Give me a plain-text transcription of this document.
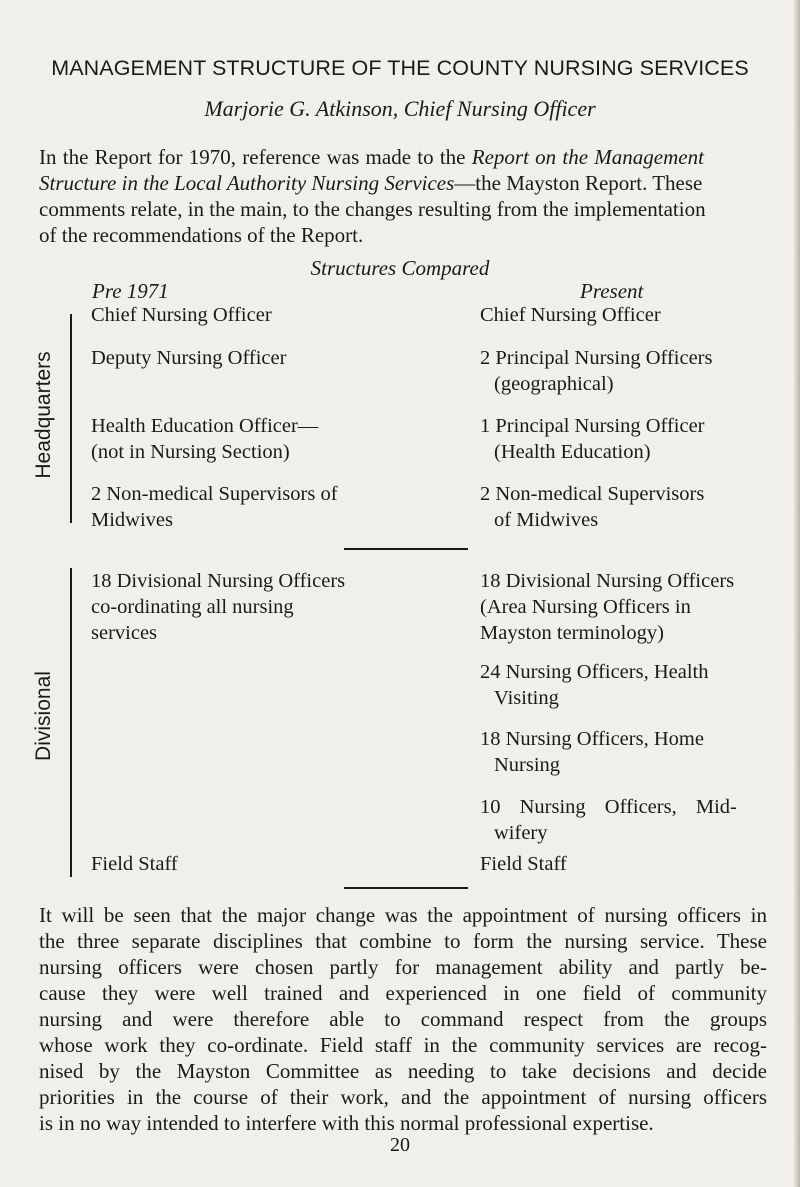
MANAGEMENT STRUCTURE OF THE COUNTY NURSING SERVICES
Marjorie G. Atkinson, Chief Nursing Officer
In the Report for 1970, reference was made to the Report on the Management
Structure in the Local Authority Nursing Services—the Mayston Report. These
comments relate, in the main, to the changes resulting from the implementation
of the recommendations of the Report.
Structures Compared
Pre 1971	Present
Headquarters
Divisional
Chief Nursing Officer
Deputy Nursing Officer
Health Education Officer—
(not in Nursing Section)
2 Non-medical Supervisors of
Midwives
18 Divisional Nursing Officers
co-ordinating all nursing
services
Field Staff
Chief Nursing Officer
2 Principal Nursing Officers
(geographical)
1 Principal Nursing Officer
(Health Education)
2 Non-medical Supervisors
of Midwives
18 Divisional Nursing Officers
(Area Nursing Officers in
Mayston terminology)
24 Nursing Officers, Health
Visiting
18 Nursing Officers, Home
Nursing
10 Nursing Officers, Mid-
wifery
Field Staff
It will be seen that the major change was the appointment of nursing officers in
the three separate disciplines that combine to form the nursing service. These
nursing officers were chosen partly for management ability and partly be-
cause they were well trained and experienced in one field of community
nursing and were therefore able to command respect from the groups
whose work they co-ordinate. Field staff in the community services are recog-
nised by the Mayston Committee as needing to take decisions and decide
priorities in the course of their work, and the appointment of nursing officers
is in no way intended to interfere with this normal professional expertise.
20
